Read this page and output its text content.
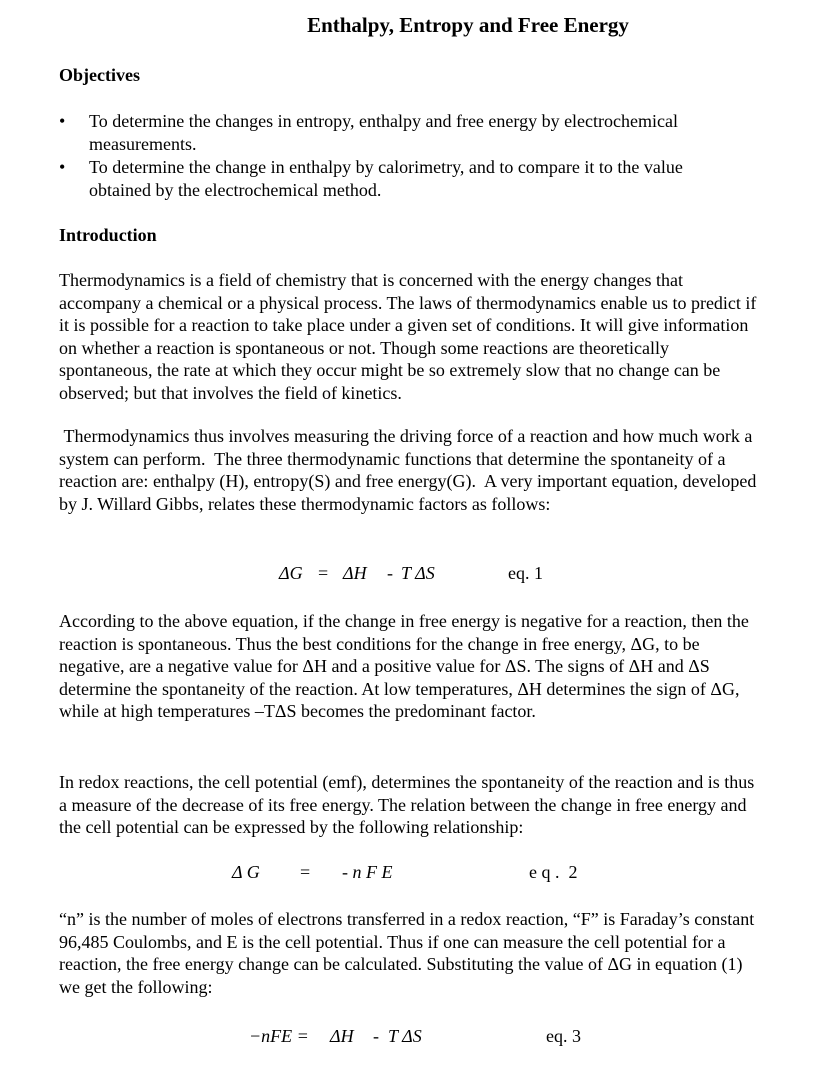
Enthalpy, Entropy and Free Energy
Objectives
• To determine the changes in entropy, enthalpy and free energy by electrochemical measurements.
• To determine the change in enthalpy by calorimetry, and to compare it to the value obtained by the electrochemical method.
Introduction

Thermodynamics is a field of chemistry that is concerned with the energy changes that accompany a chemical or a physical process. The laws of thermodynamics enable us to predict if it is possible for a reaction to take place under a given set of conditions. It will give information on whether a reaction is spontaneous or not. Though some reactions are theoretically spontaneous, the rate at which they occur might be so extremely slow that no change can be observed; but that involves the field of kinetics.

Thermodynamics thus involves measuring the driving force of a reaction and how much work a system can perform.  The three thermodynamic functions that determine the spontaneity of a reaction are: enthalpy (H), entropy(S) and free energy(G).  A very important equation, developed by J. Willard Gibbs, relates these thermodynamic factors as follows:

ΔG = ΔH - T ΔS	eq. 1

According to the above equation, if the change in free energy is negative for a reaction, then the reaction is spontaneous. Thus the best conditions for the change in free energy, ΔG, to be negative, are a negative value for ΔH and a positive value for ΔS. The signs of ΔH and ΔS determine the spontaneity of the reaction. At low temperatures, ΔH determines the sign of ΔG, while at high temperatures –TΔS becomes the predominant factor.

In redox reactions, the cell potential (emf), determines the spontaneity of the reaction and is thus a measure of the decrease of its free energy. The relation between the change in free energy and the cell potential can be expressed by the following relationship:

Δ G = - n F E	e q .  2

“n” is the number of moles of electrons transferred in a redox reaction, “F” is Faraday’s constant 96,485 Coulombs, and E is the cell potential. Thus if one can measure the cell potential for a reaction, the free energy change can be calculated. Substituting the value of ΔG in equation (1) we get the following:

−nFE = ΔH - T ΔS	eq. 3
